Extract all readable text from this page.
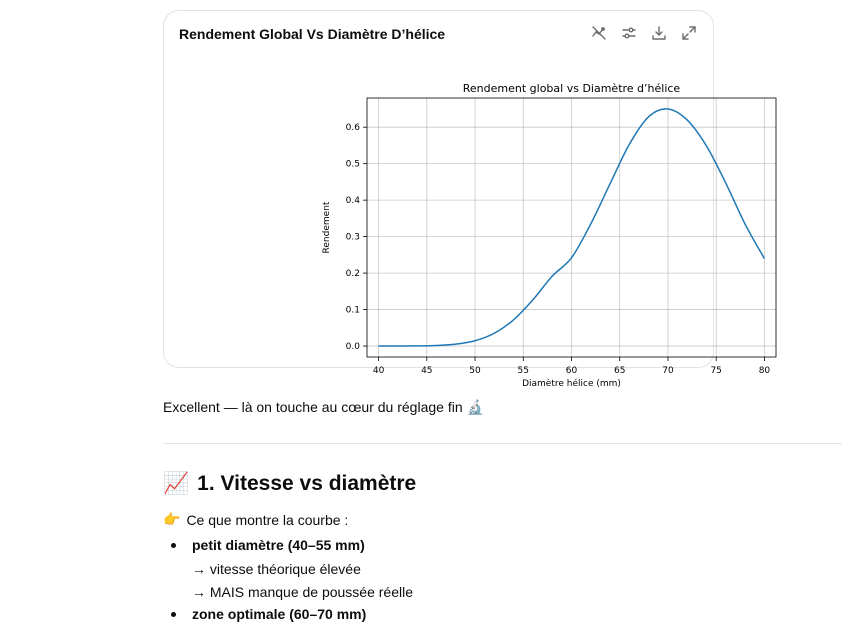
Rendement Global Vs Diamètre D’hélice
40	45	50	55	60	65	70	75	80
0.0
0.1
0.2
0.3
0.4
0.5
0.6
Rendement global vs Diamètre d’hélice
Diamètre hélice (mm)
Rendement
Excellent — là on touche au cœur du réglage fin 🔬
📈 1. Vitesse vs diamètre
👉 Ce que montre la courbe :
petit diamètre (40–55 mm)
→ vitesse théorique élevée
→ MAIS manque de poussée réelle
zone optimale (60–70 mm)
